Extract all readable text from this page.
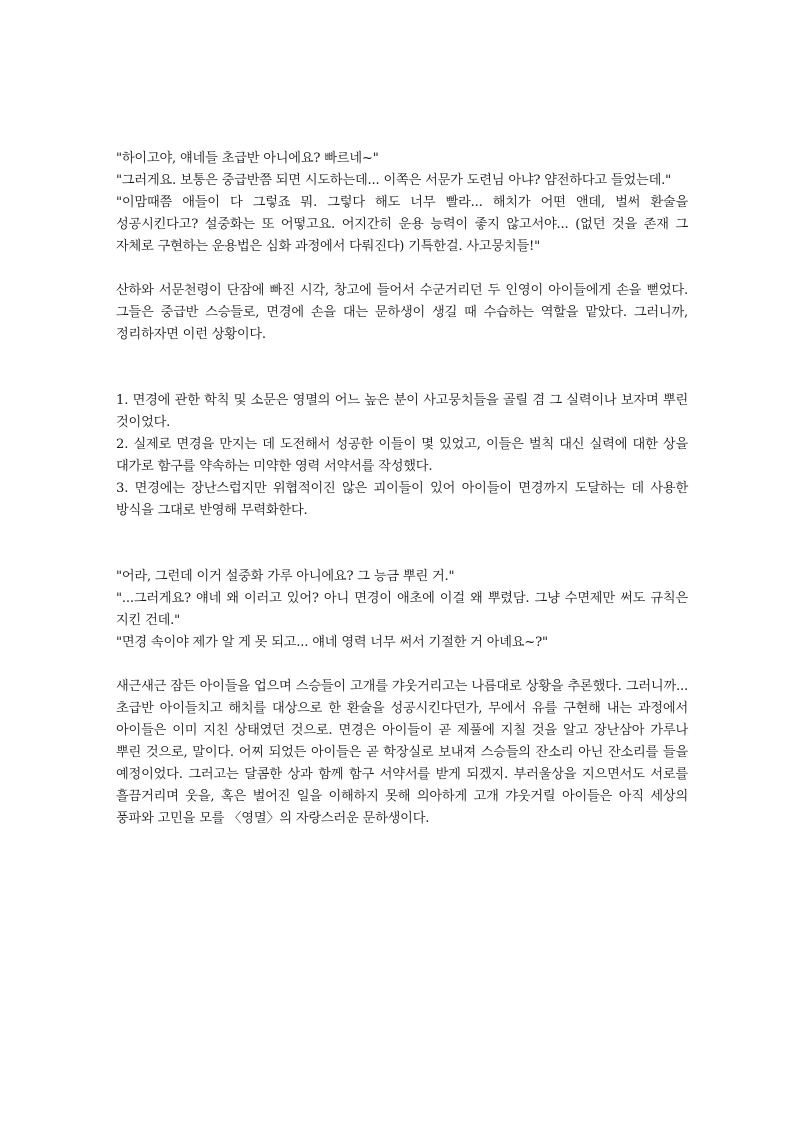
"하이고야, 얘네들 초급반 아니에요? 빠르네~"

"그러게요. 보통은 중급반쯤 되면 시도하는데... 이쪽은 서문가 도련님 아냐? 얌전하다고 들었는데."

"이맘때쯤 애들이 다 그렇죠 뭐. 그렇다 해도 너무 빨라... 해치가 어떤 앤데, 벌써 환술을 성공시킨다고? 설중화는 또 어떻고요. 어지간히 운용 능력이 좋지 않고서야... (없던 것을 존재 그 자체로 구현하는 운용법은 심화 과정에서 다뤄진다) 기특한걸. 사고뭉치들!"

산하와 서문천령이 단잠에 빠진 시각, 창고에 들어서 수군거리던 두 인영이 아이들에게 손을 뻗었다. 그들은 중급반 스승들로, 면경에 손을 대는 문하생이 생길 때 수습하는 역할을 맡았다. 그러니까, 정리하자면 이런 상황이다.

1. 면경에 관한 학칙 및 소문은 영멸의 어느 높은 분이 사고뭉치들을 골릴 겸 그 실력이나 보자며 뿌린 것이었다.

2. 실제로 면경을 만지는 데 도전해서 성공한 이들이 몇 있었고, 이들은 벌칙 대신 실력에 대한 상을 대가로 함구를 약속하는 미약한 영력 서약서를 작성했다.

3. 면경에는 장난스럽지만 위협적이진 않은 괴이들이 있어 아이들이 면경까지 도달하는 데 사용한 방식을 그대로 반영해 무력화한다.

"어라, 그런데 이거 설중화 가루 아니에요? 그 능금 뿌린 거."

"...그러게요? 얘네 왜 이러고 있어? 아니 면경이 애초에 이걸 왜 뿌렸담. 그냥 수면제만 써도 규칙은 지킨 건데."

"면경 속이야 제가 알 게 못 되고... 얘네 영력 너무 써서 기절한 거 아녜요~?"

새근새근 잠든 아이들을 업으며 스승들이 고개를 갸웃거리고는 나름대로 상황을 추론했다. 그러니까... 초급반 아이들치고 해치를 대상으로 한 환술을 성공시킨다던가, 무에서 유를 구현해 내는 과정에서 아이들은 이미 지친 상태였던 것으로. 면경은 아이들이 곧 제풀에 지칠 것을 알고 장난삼아 가루나 뿌린 것으로, 말이다. 어찌 되었든 아이들은 곧 학장실로 보내져 스승들의 잔소리 아닌 잔소리를 들을 예정이었다. 그러고는 달콤한 상과 함께 함구 서약서를 받게 되겠지. 부러울상을 지으면서도 서로를 흘끔거리며 웃을, 혹은 벌어진 일을 이해하지 못해 의아하게 고개 갸웃거릴 아이들은 아직 세상의 풍파와 고민을 모를 〈영멸〉의 자랑스러운 문하생이다.
